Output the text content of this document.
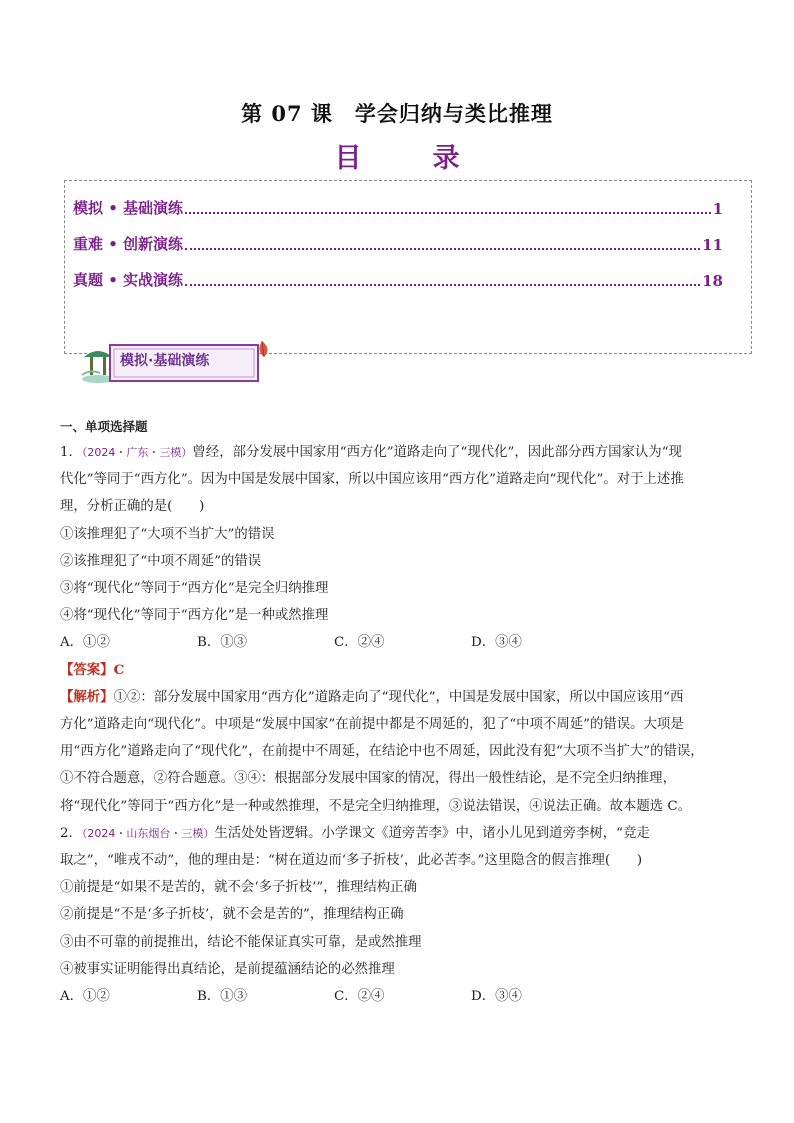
第 07 课　学会归纳与类比推理
目　录
模拟 • 基础演练	1
重难 • 创新演练	11
真题 • 实战演练	18
模拟·基础演练

一、单项选择题

1．（2024・广东・三模）曾经，部分发展中国家用“西方化”道路走向了“现代化”，因此部分西方国家认为“现

代化”等同于“西方化”。因为中国是发展中国家，所以中国应该用“西方化”道路走向“现代化”。对于上述推

理，分析正确的是(　　)

①该推理犯了“大项不当扩大”的错误

②该推理犯了“中项不周延”的错误

③将“现代化”等同于“西方化”是完全归纳推理

④将“现代化”等同于“西方化”是一种或然推理

A．①②	B．①③	C．②④	D．③④

【答案】C

【解析】①②：部分发展中国家用“西方化”道路走向了“现代化”，中国是发展中国家，所以中国应该用“西

方化”道路走向“现代化”。中项是“发展中国家”在前提中都是不周延的，犯了“中项不周延”的错误。大项是

用“西方化”道路走向了“现代化”，在前提中不周延，在结论中也不周延，因此没有犯“大项不当扩大”的错误，

①不符合题意，②符合题意。③④：根据部分发展中国家的情况，得出一般性结论，是不完全归纳推理，

将“现代化”等同于“西方化”是一种或然推理，不是完全归纳推理，③说法错误，④说法正确。故本题选 C。

2．（2024・山东烟台・三模）生活处处皆逻辑。小学课文《道旁苦李》中，诸小儿见到道旁李树，“竞走

取之”，“唯戎不动”，他的理由是：“树在道边而‘多子折枝’，此必苦李。”这里隐含的假言推理(　　)

①前提是“如果不是苦的，就不会‘多子折枝’”，推理结构正确

②前提是“不是‘多子折枝’，就不会是苦的”，推理结构正确

③由不可靠的前提推出，结论不能保证真实可靠，是或然推理

④被事实证明能得出真结论，是前提蕴涵结论的必然推理

A．①②	B．①③	C．②④	D．③④
